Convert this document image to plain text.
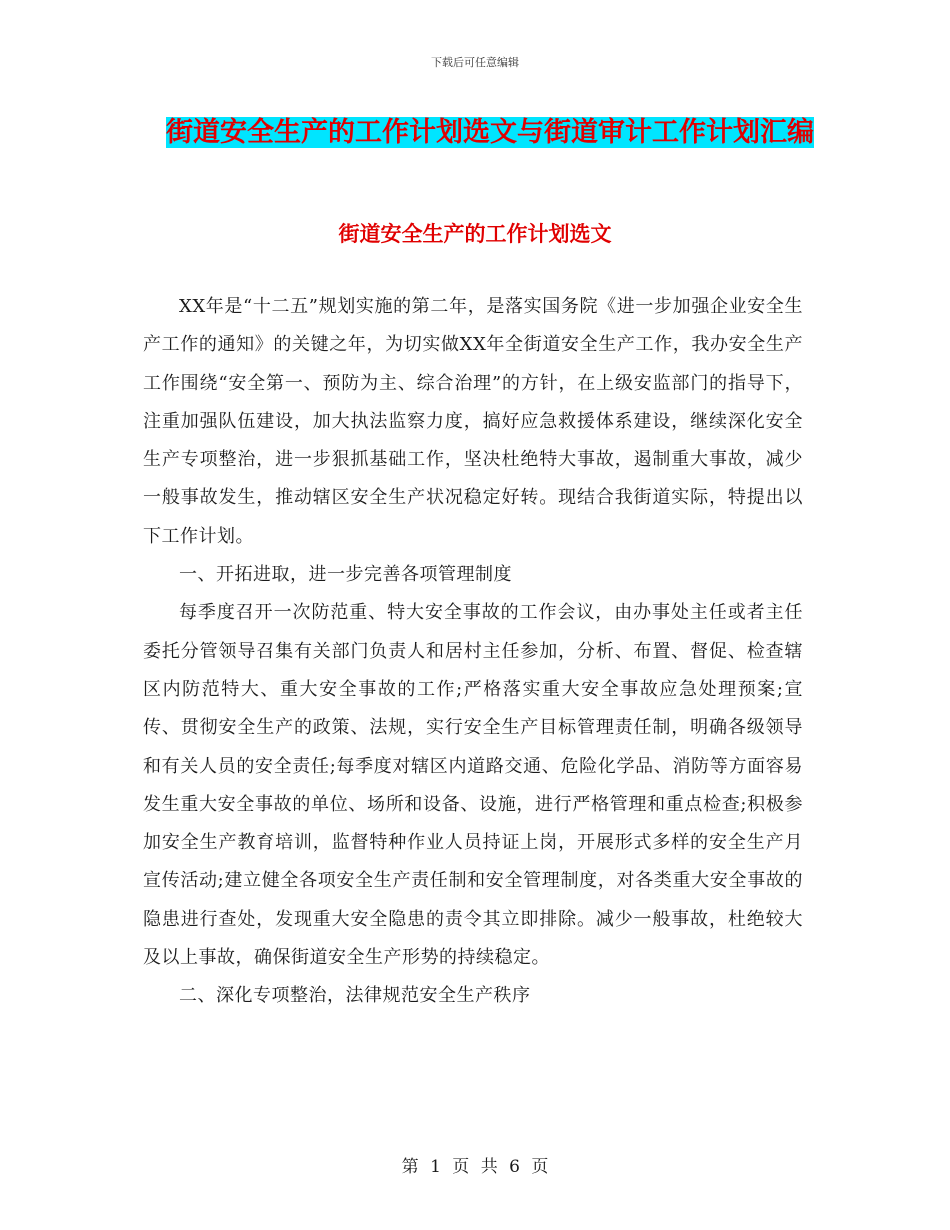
下载后可任意编辑
街道安全生产的工作计划选文与街道审计工作计划汇编
街道安全生产的工作计划选文

XX年是“十二五”规划实施的第二年，是落实国务院《进一步加强企业安全生产工作的通知》的关键之年，为切实做XX年全街道安全生产工作，我办安全生产工作围绕“安全第一、预防为主、综合治理”的方针，在上级安监部门的指导下，注重加强队伍建设，加大执法监察力度，搞好应急救援体系建设，继续深化安全生产专项整治，进一步狠抓基础工作，坚决杜绝特大事故，遏制重大事故，减少一般事故发生，推动辖区安全生产状况稳定好转。现结合我街道实际，特提出以下工作计划。

一、开拓进取，进一步完善各项管理制度

每季度召开一次防范重、特大安全事故的工作会议，由办事处主任或者主任委托分管领导召集有关部门负责人和居村主任参加，分析、布置、督促、检查辖区内防范特大、重大安全事故的工作;严格落实重大安全事故应急处理预案;宣传、贯彻安全生产的政策、法规，实行安全生产目标管理责任制，明确各级领导和有关人员的安全责任;每季度对辖区内道路交通、危险化学品、消防等方面容易发生重大安全事故的单位、场所和设备、设施，进行严格管理和重点检查;积极参加安全生产教育培训，监督特种作业人员持证上岗，开展形式多样的安全生产月宣传活动;建立健全各项安全生产责任制和安全管理制度，对各类重大安全事故的隐患进行查处，发现重大安全隐患的责令其立即排除。减少一般事故，杜绝较大及以上事故，确保街道安全生产形势的持续稳定。

二、深化专项整治，法律规范安全生产秩序

第 1 页 共 6 页
